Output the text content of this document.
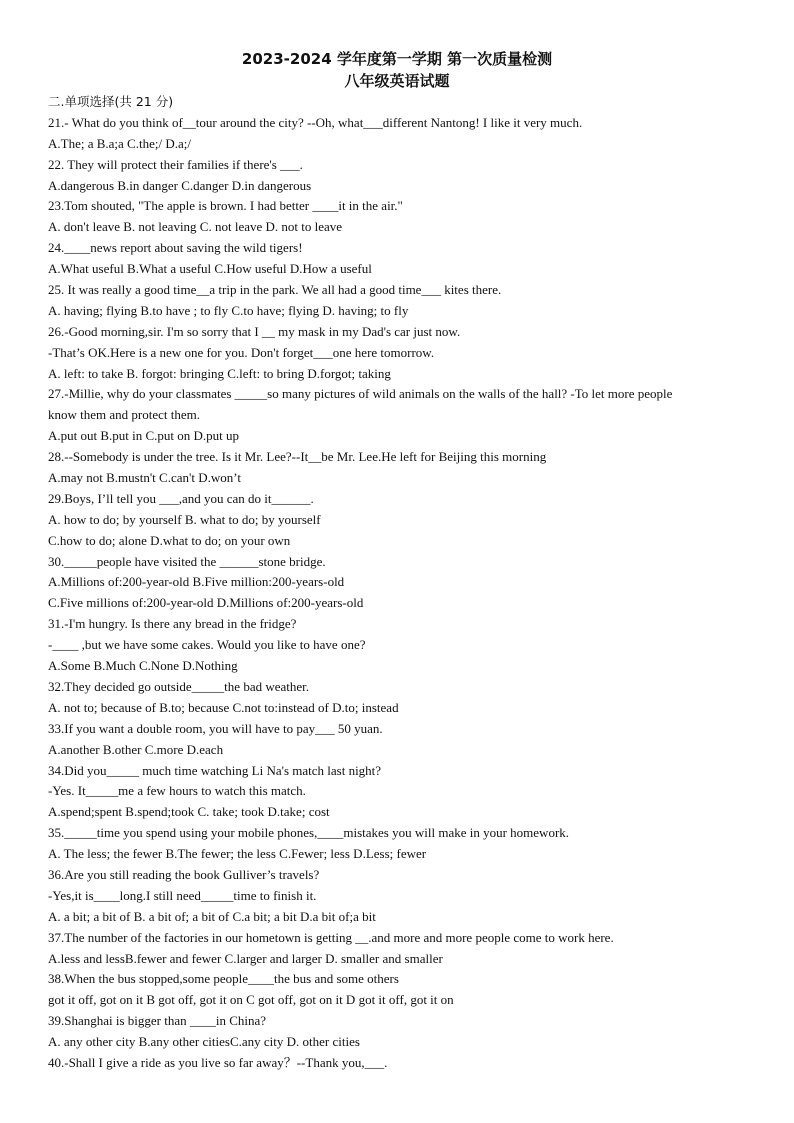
2023-2024 学年度第一学期 第一次质量检测
八年级英语试题
二.单项选择(共 21 分)
21.- What do you think of__tour around the city? --Oh, what___different Nantong! I like it very much.
A.The; a B.a;a C.the;/ D.a;/
22. They will protect their families if there's ___.
A.dangerous B.in danger C.danger D.in dangerous
23.Tom shouted, "The apple is brown. I had better ____it in the air."
A. don't leave B. not leaving C. not leave D. not to leave
24.____news report about saving the wild tigers!
A.What useful B.What a useful C.How useful D.How a useful
25. It was really a good time__a trip in the park. We all had a good time___ kites there.
A. having; flying B.to have ; to fly C.to have; flying D. having; to fly
26.-Good morning,sir. I'm so sorry that I __ my mask in my Dad's car just now.
-That’s OK.Here is a new one for you. Don't forget___one here tomorrow.
A. left: to take B. forgot: bringing C.left: to bring D.forgot; taking
27.-Millie, why do your classmates _____so many pictures of wild animals on the walls of the hall? -To let more people
know them and protect them.
A.put out B.put in C.put on D.put up
28.--Somebody is under the tree. Is it Mr. Lee?--It__be Mr. Lee.He left for Beijing this morning
A.may not B.mustn't C.can't D.won’t
29.Boys, I’ll tell you ___,and you can do it______.
A. how to do; by yourself B. what to do; by yourself
C.how to do; alone D.what to do; on your own
30._____people have visited the ______stone bridge.
A.Millions of:200-year-old B.Five million:200-years-old
C.Five millions of:200-year-old D.Millions of:200-years-old
31.-I'm hungry. Is there any bread in the fridge?
-____ ,but we have some cakes. Would you like to have one?
A.Some B.Much C.None D.Nothing
32.They decided go outside_____the bad weather.
A. not to; because of B.to; because C.not to:instead of D.to; instead
33.If you want a double room, you will have to pay___ 50 yuan.
A.another B.other C.more D.each
34.Did you_____ much time watching Li Na's match last night?
-Yes. It_____me a few hours to watch this match.
A.spend;spent B.spend;took C. take; took D.take; cost
35._____time you spend using your mobile phones,____mistakes you will make in your homework.
A. The less; the fewer B.The fewer; the less C.Fewer; less D.Less; fewer
36.Are you still reading the book Gulliver’s travels?
-Yes,it is____long.I still need_____time to finish it.
A. a bit; a bit of B. a bit of; a bit of C.a bit; a bit D.a bit of;a bit
37.The number of the factories in our hometown is getting __.and more and more people come to work here.
A.less and lessB.fewer and fewer C.larger and larger D. smaller and smaller
38.When the bus stopped,some people____the bus and some others
got it off, got on it B got off, got it on C got off, got on it D got it off, got it on
39.Shanghai is bigger than ____in China?
A. any other city B.any other citiesC.any city D. other cities
40.-Shall I give a ride as you live so far away？--Thank you,___.
